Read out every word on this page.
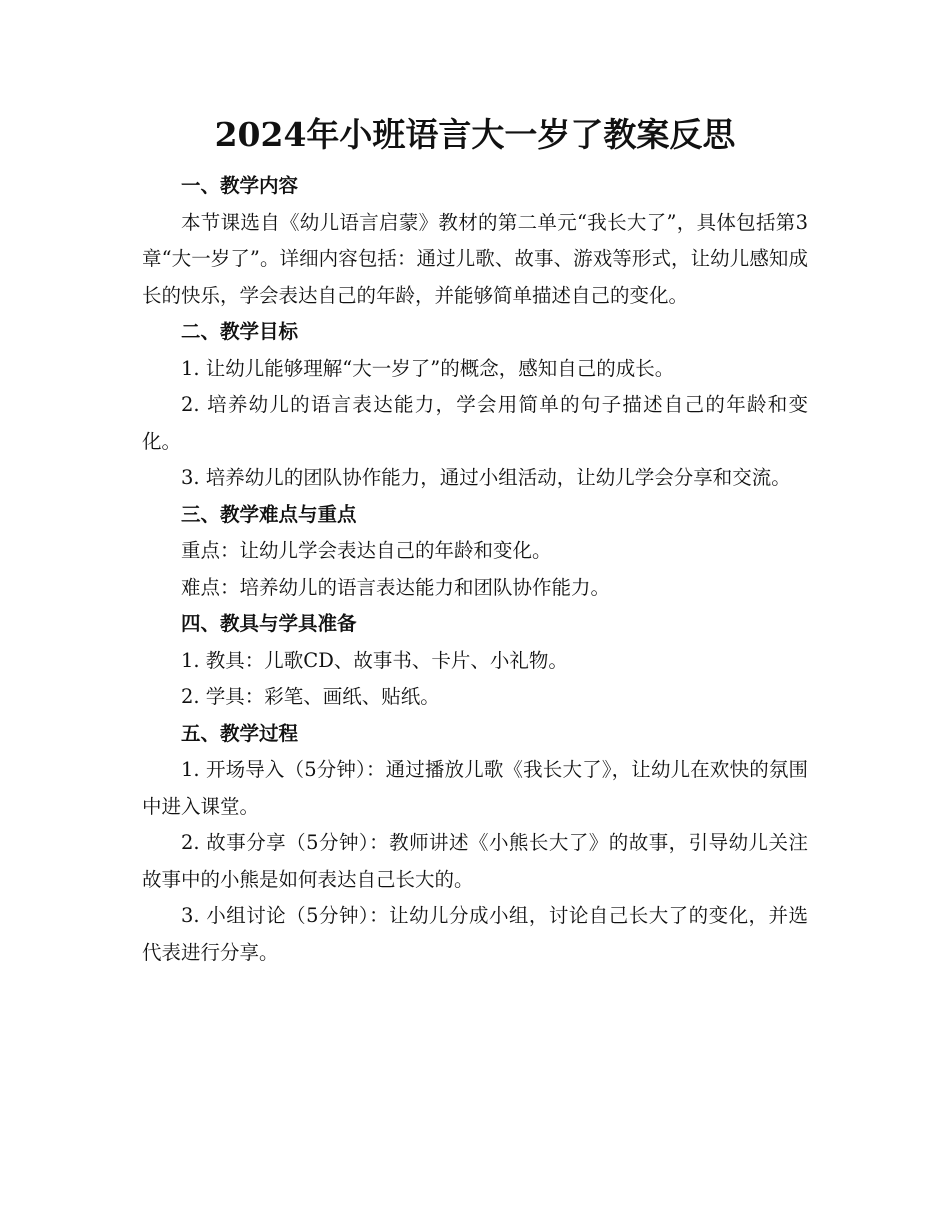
2024年小班语言大一岁了教案反思
一、教学内容

本节课选自《幼儿语言启蒙》教材的第二单元“我长大了”，具体包括第3章“大一岁了”。详细内容包括：通过儿歌、故事、游戏等形式，让幼儿感知成长的快乐，学会表达自己的年龄，并能够简单描述自己的变化。

二、教学目标

1. 让幼儿能够理解“大一岁了”的概念，感知自己的成长。

2. 培养幼儿的语言表达能力，学会用简单的句子描述自己的年龄和变化。

3. 培养幼儿的团队协作能力，通过小组活动，让幼儿学会分享和交流。

三、教学难点与重点

重点：让幼儿学会表达自己的年龄和变化。

难点：培养幼儿的语言表达能力和团队协作能力。

四、教具与学具准备

1. 教具：儿歌CD、故事书、卡片、小礼物。

2. 学具：彩笔、画纸、贴纸。

五、教学过程

1. 开场导入（5分钟）：通过播放儿歌《我长大了》，让幼儿在欢快的氛围中进入课堂。

2. 故事分享（5分钟）：教师讲述《小熊长大了》的故事，引导幼儿关注故事中的小熊是如何表达自己长大的。

3. 小组讨论（5分钟）：让幼儿分成小组，讨论自己长大了的变化，并选代表进行分享。
